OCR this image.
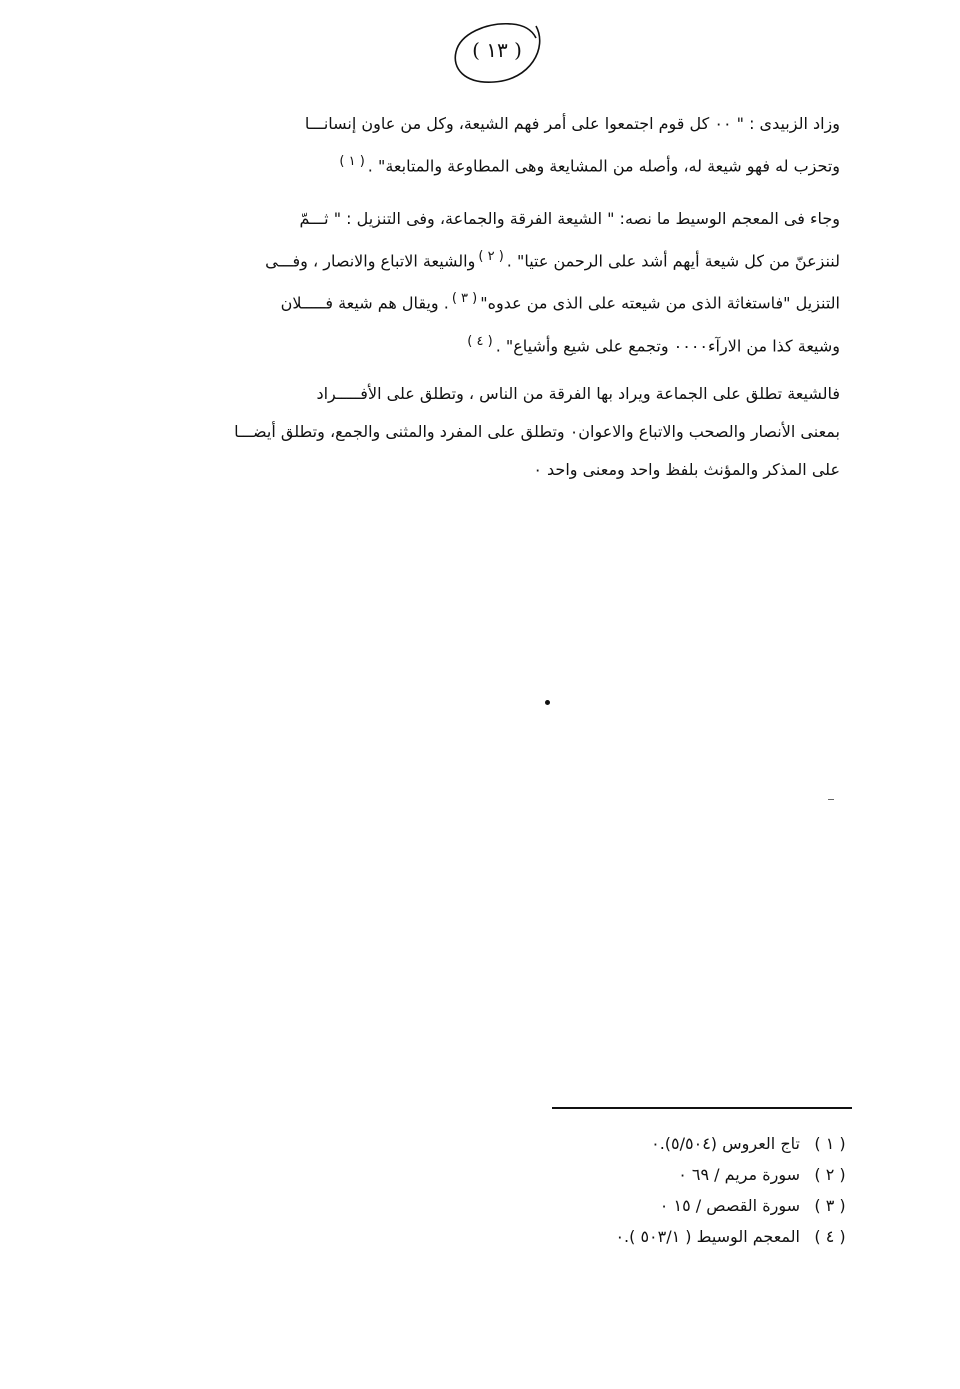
( ١٣ )
وزاد الزبيدى : " ٠٠ كل قوم اجتمعوا على أمر فهم الشيعة، وكل من عاون إنسانـــا
وتحزب له فهو شيعة له، وأصله من المشايعة وهى المطاوعة والمتابعة" .$^{( ١ )}$
وجاء فى المعجم الوسيط ما نصه: " الشيعة الفرقة والجماعة، وفى التنزيل : " ثـــمّ
لننزعنّ من كل شيعة أيهم أشد على الرحمن عتيا" .$^{( ٢ )}$والشيعة الاتباع والانصار ، وفـــى
التنزيل "فاستغاثة الذى من شيعته على الذى من عدوه"$^{( ٣ )}$. ويقال هم شيعة فـــــلان
وشيعة كذا من الارآء٠٠٠٠ وتجمع على شيع وأشياع" .$^{( ٤ )}$
فالشيعة تطلق على الجماعة ويراد بها الفرقة من الناس ، وتطلق على الأفـــــراد
بمعنى الأنصار والصحب والاتباع والاعوان٠ وتطلق على المفرد والمثنى والجمع، وتطلق أيضـــا
على المذكر والمؤنث بلفظ واحد ومعنى واحد ٠
( ١ )
تاج العروس (٥/٥٠٤).٠
( ٢ )
سورة مريم / ٦٩ ٠
( ٣ )
سورة القصص / ١٥ ٠
( ٤ )
المعجم الوسيط ( ٥٠٣/١ ).٠
